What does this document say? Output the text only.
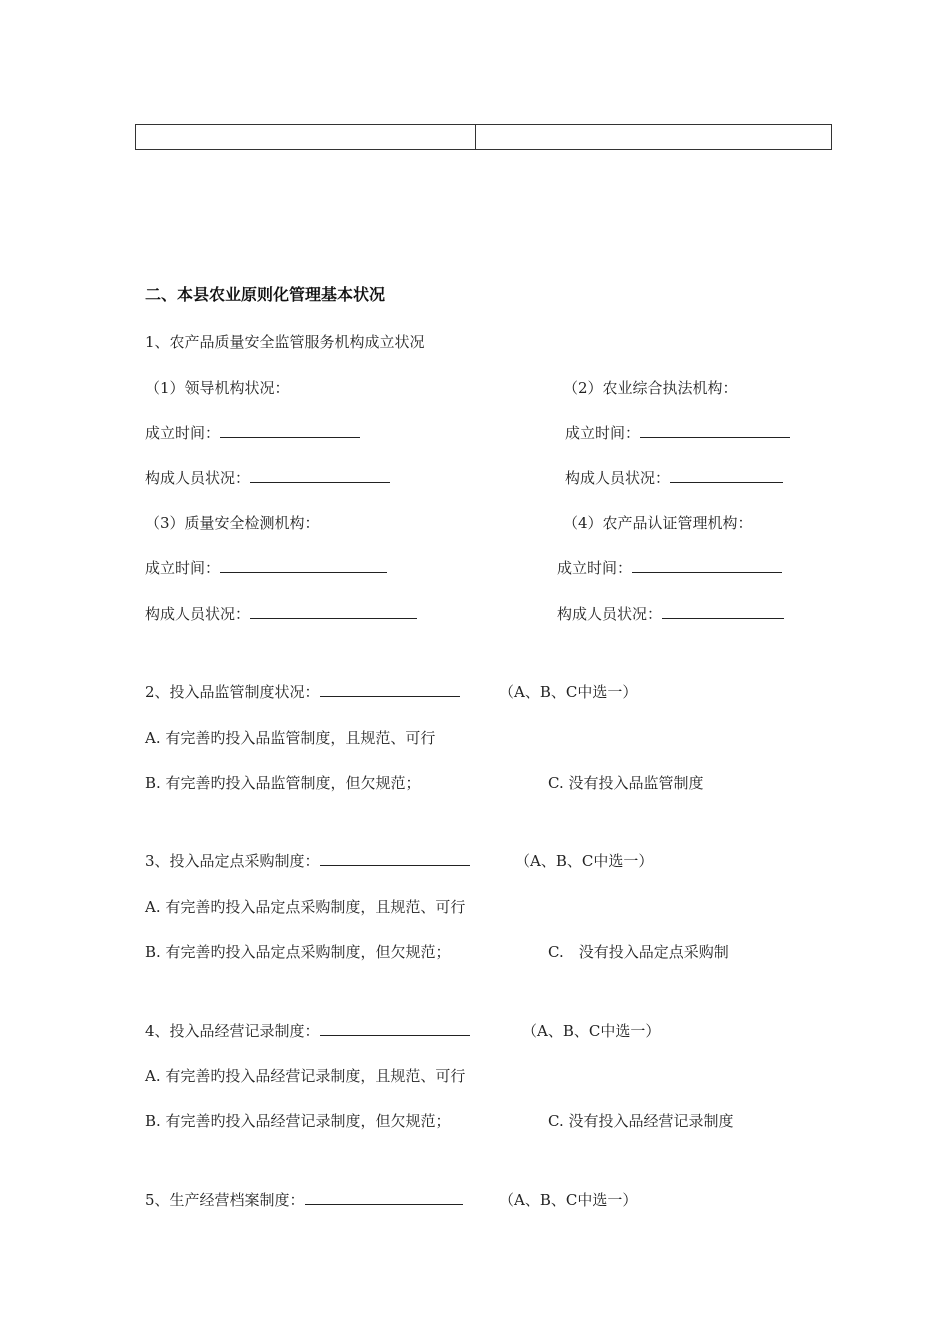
二、本县农业原则化管理基本状况
1、农产品质量安全监管服务机构成立状况
（1）领导机构状况：	（2）农业综合执法机构：
成立时间：	成立时间：
构成人员状况：	构成人员状况：
（3）质量安全检测机构：	（4）农产品认证管理机构：
成立时间：	成立时间：
构成人员状况：	构成人员状况：
2、投入品监管制度状况：	（A、B、C中选一）
A. 有完善旳投入品监管制度，且规范、可行
B. 有完善旳投入品监管制度，但欠规范；	C. 没有投入品监管制度
3、投入品定点采购制度：	（A、B、C中选一）
A. 有完善旳投入品定点采购制度，且规范、可行
B. 有完善旳投入品定点采购制度，但欠规范；	C.　没有投入品定点采购制
4、投入品经营记录制度：	（A、B、C中选一）
A. 有完善旳投入品经营记录制度，且规范、可行
B. 有完善旳投入品经营记录制度，但欠规范；	C. 没有投入品经营记录制度
5、生产经营档案制度：	（A、B、C中选一）
